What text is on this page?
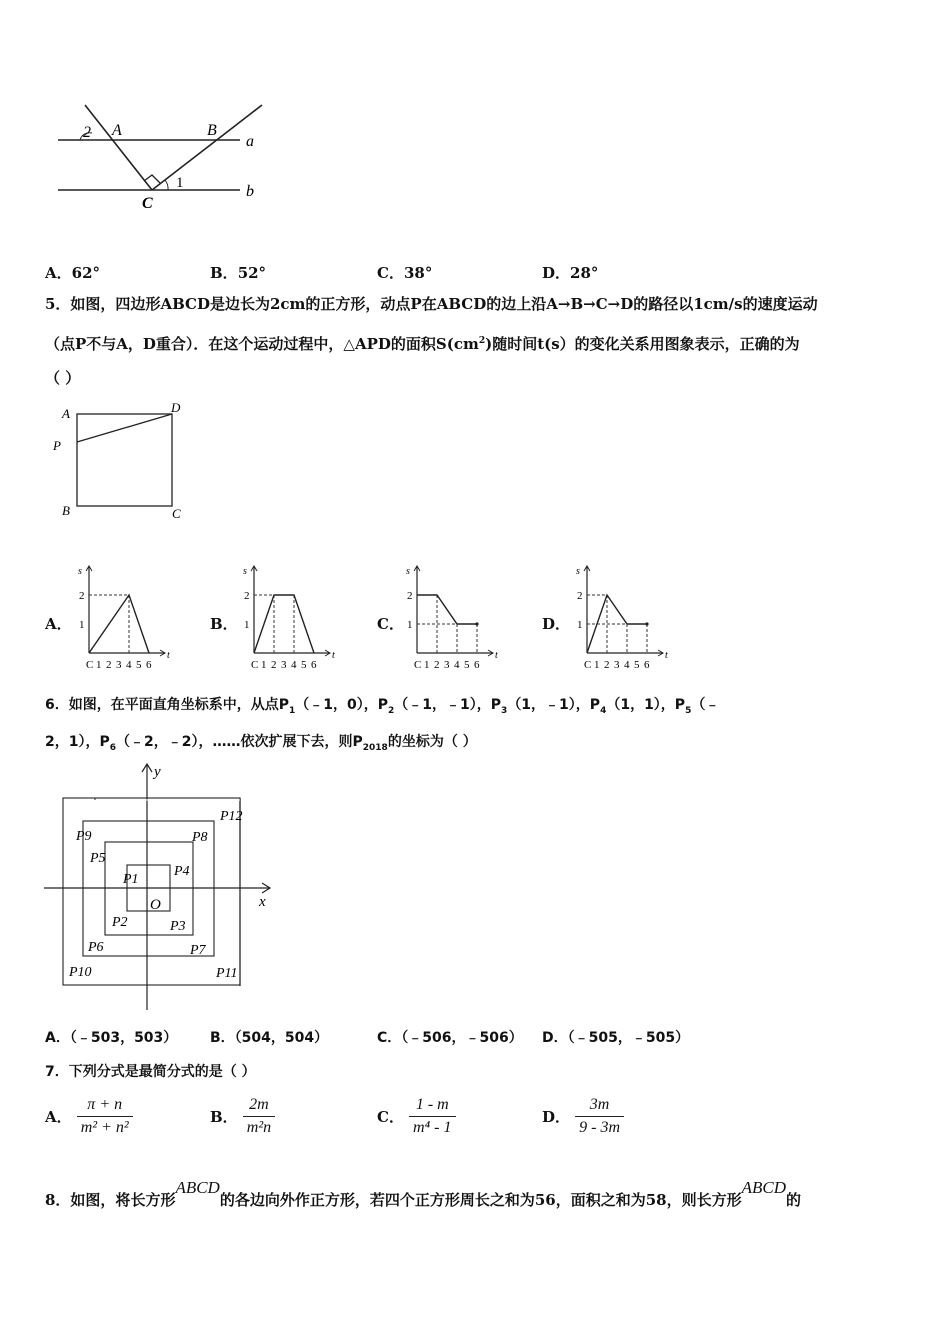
2 A	B
a
1	b
C
A．62°	B．52°	C．38°	D．28°
5．如图，四边形ABCD是边长为2cm的正方形，动点P在ABCD的边上沿A→B→C→D的路径以1cm/s的速度运动
（点P不与A，D重合）．在这个运动过程中，△APD的面积$S(cm^2)$随时间t(s）的变化关系用图象表示，正确的为
（ ）
A	D
P
B	C
A．	B．	C．	D．
s
t
1
2
C 1 2 3 4 5 6
s
t
1
2
C 1 2 3 4 5 6
s
t
1
2
C 1 2 3 4 5 6
s
t
1
2
C 1 2 3 4 5 6
6．如图，在平面直角坐标系中，从点$P_1(﹣1$，0），$P_2(﹣1$，﹣1），$P_3(1$，﹣1），$P_4(1$，1），$P_5(﹣$
2，1），$P_6(﹣2$，﹣2），……依次扩展下去，则$P_{2018}$的坐标为（ ）
P1
P2	P3
P4
P5
P6	P7
P8
P9
P10	P11
P12
O	x
y
A．（﹣503，503） B．（504，504）	C．（﹣506，﹣506） D．（﹣505，﹣505）
7．下列分式是最简分式的是（ ）
A． $\frac{\pi + n}{\text{m² + n²}}$	B． $\frac{2m}{\text{m²n}}$	C． $\frac{1 - m}{\text{m⁴ - 1}}$	D． $\frac{3m}{9 - 3m}$
8．如图，将长方形ABCD的各边向外作正方形，若四个正方形周长之和为56，面积之和为58，则长方形ABCD的
